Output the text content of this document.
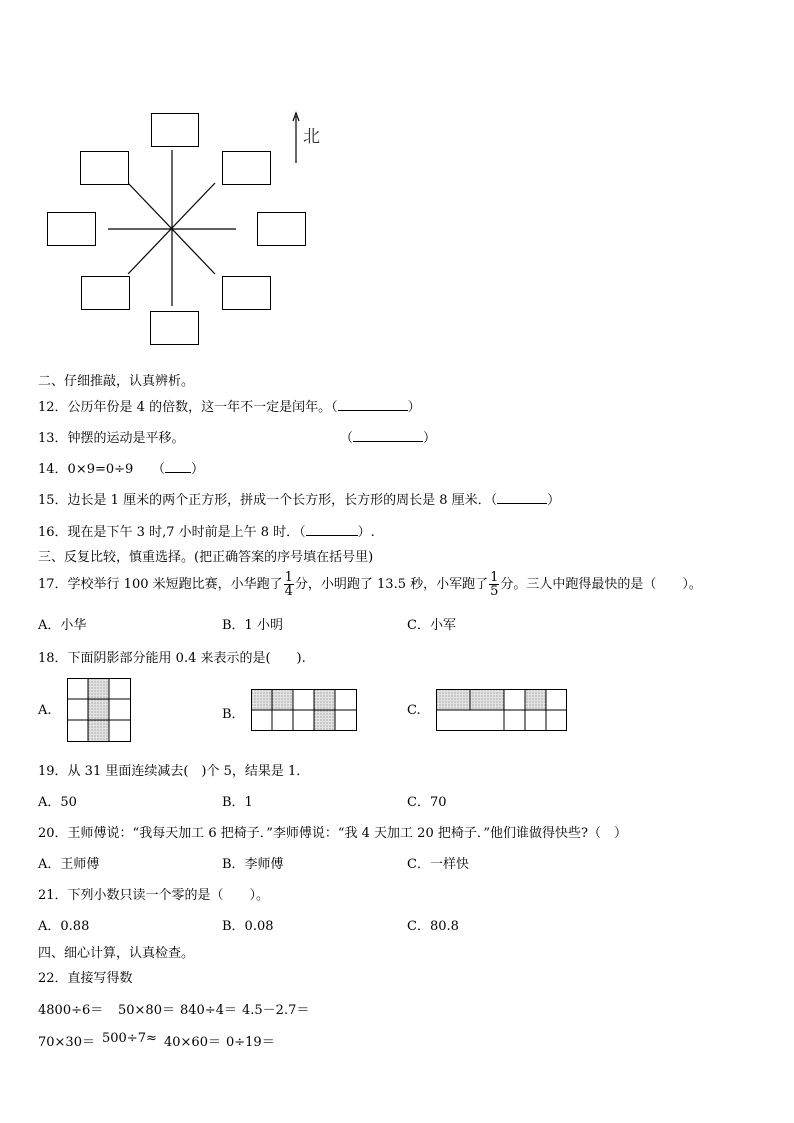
北
二、仔细推敲，认真辨析。
12．公历年份是 4 的倍数，这一年不一定是闰年。（	）
13．钟摆的运动是平移。	（	）
14．0×9=0÷9 （ ）
15．边长是 1 厘米的两个正方形，拼成一个长方形，长方形的周长是 8 厘米．（	）
16．现在是下午 3 时,7 小时前是上午 8 时．（	）.
三、反复比较，慎重选择。(把正确答案的序号填在括号里)
17．学校举行 100 米短跑比赛，小华跑了 $\frac{1}{4}$ 分，小明跑了 13.5 秒，小军跑了 $\frac{1}{5}$ 分。三人中跑得最快的是（　　）。
A．小华	B．1 小明	C．小军
18．下面阴影部分能用 0.4 来表示的是(　　).
A.	B．	C.
19．从 31 里面连续减去(　)个 5，结果是 1．
A．50	B．1	C．70
20．王师傅说：“我每天加工 6 把椅子．”李师傅说：“我 4 天加工 20 把椅子．”他们谁做得快些?（　）
A．王师傅	B．李师傅	C．一样快
21．下列小数只读一个零的是（　　）。
A．0.88	B．0.08	C．80.8
四、细心计算，认真检查。
22．直接写得数
4800÷6＝ 50×80＝ 840÷4＝ 4.5－2.7＝
70×30＝ 500÷7≈ 40×60＝ 0÷19＝
